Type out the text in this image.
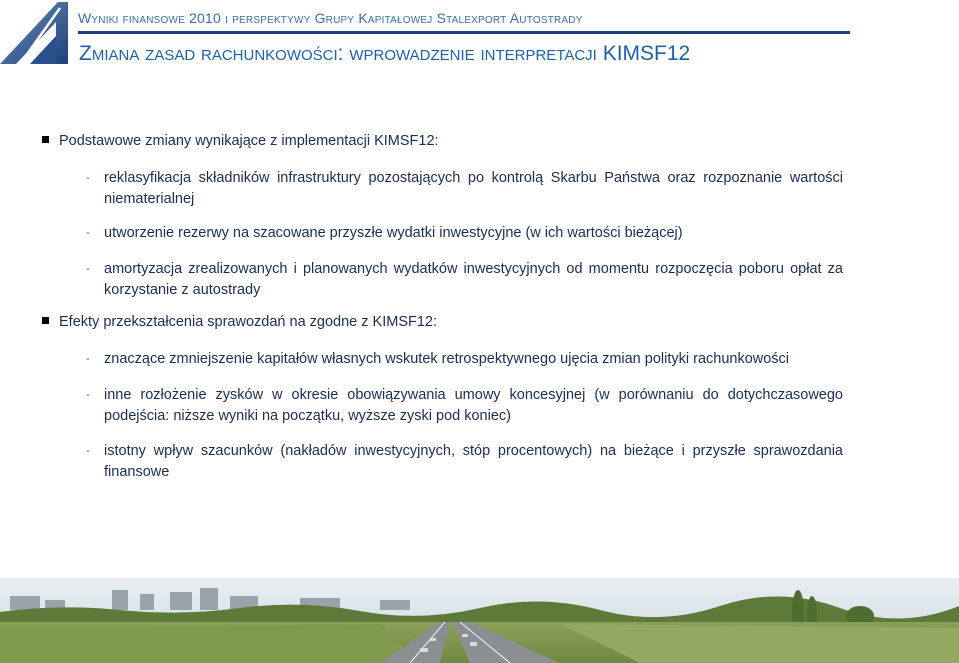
Wyniki finansowe 2010 i perspektywy Grupy Kapitałowej Stalexport Autostrady
Zmiana zasad rachunkowości: wprowadzenie interpretacji KIMSF12
Podstawowe zmiany wynikające z implementacji KIMSF12:
- reklasyfikacja składników infrastruktury pozostających po kontrolą Skarbu Państwa oraz rozpoznanie wartości niematerialnej
- utworzenie rezerwy na szacowane przyszłe wydatki inwestycyjne (w ich wartości bieżącej)
- amortyzacja zrealizowanych i planowanych wydatków inwestycyjnych od momentu rozpoczęcia poboru opłat za korzystanie z autostrady
Efekty przekształcenia sprawozdań na zgodne z KIMSF12:
- znaczące zmniejszenie kapitałów własnych wskutek retrospektywnego ujęcia zmian polityki rachunkowości
- inne rozłożenie zysków w okresie obowiązywania umowy koncesyjnej (w porównaniu do dotychczasowego podejścia: niższe wyniki na początku, wyższe zyski pod koniec)
- istotny wpływ szacunków (nakładów inwestycyjnych, stóp procentowych) na bieżące i przyszłe sprawozdania finansowe
